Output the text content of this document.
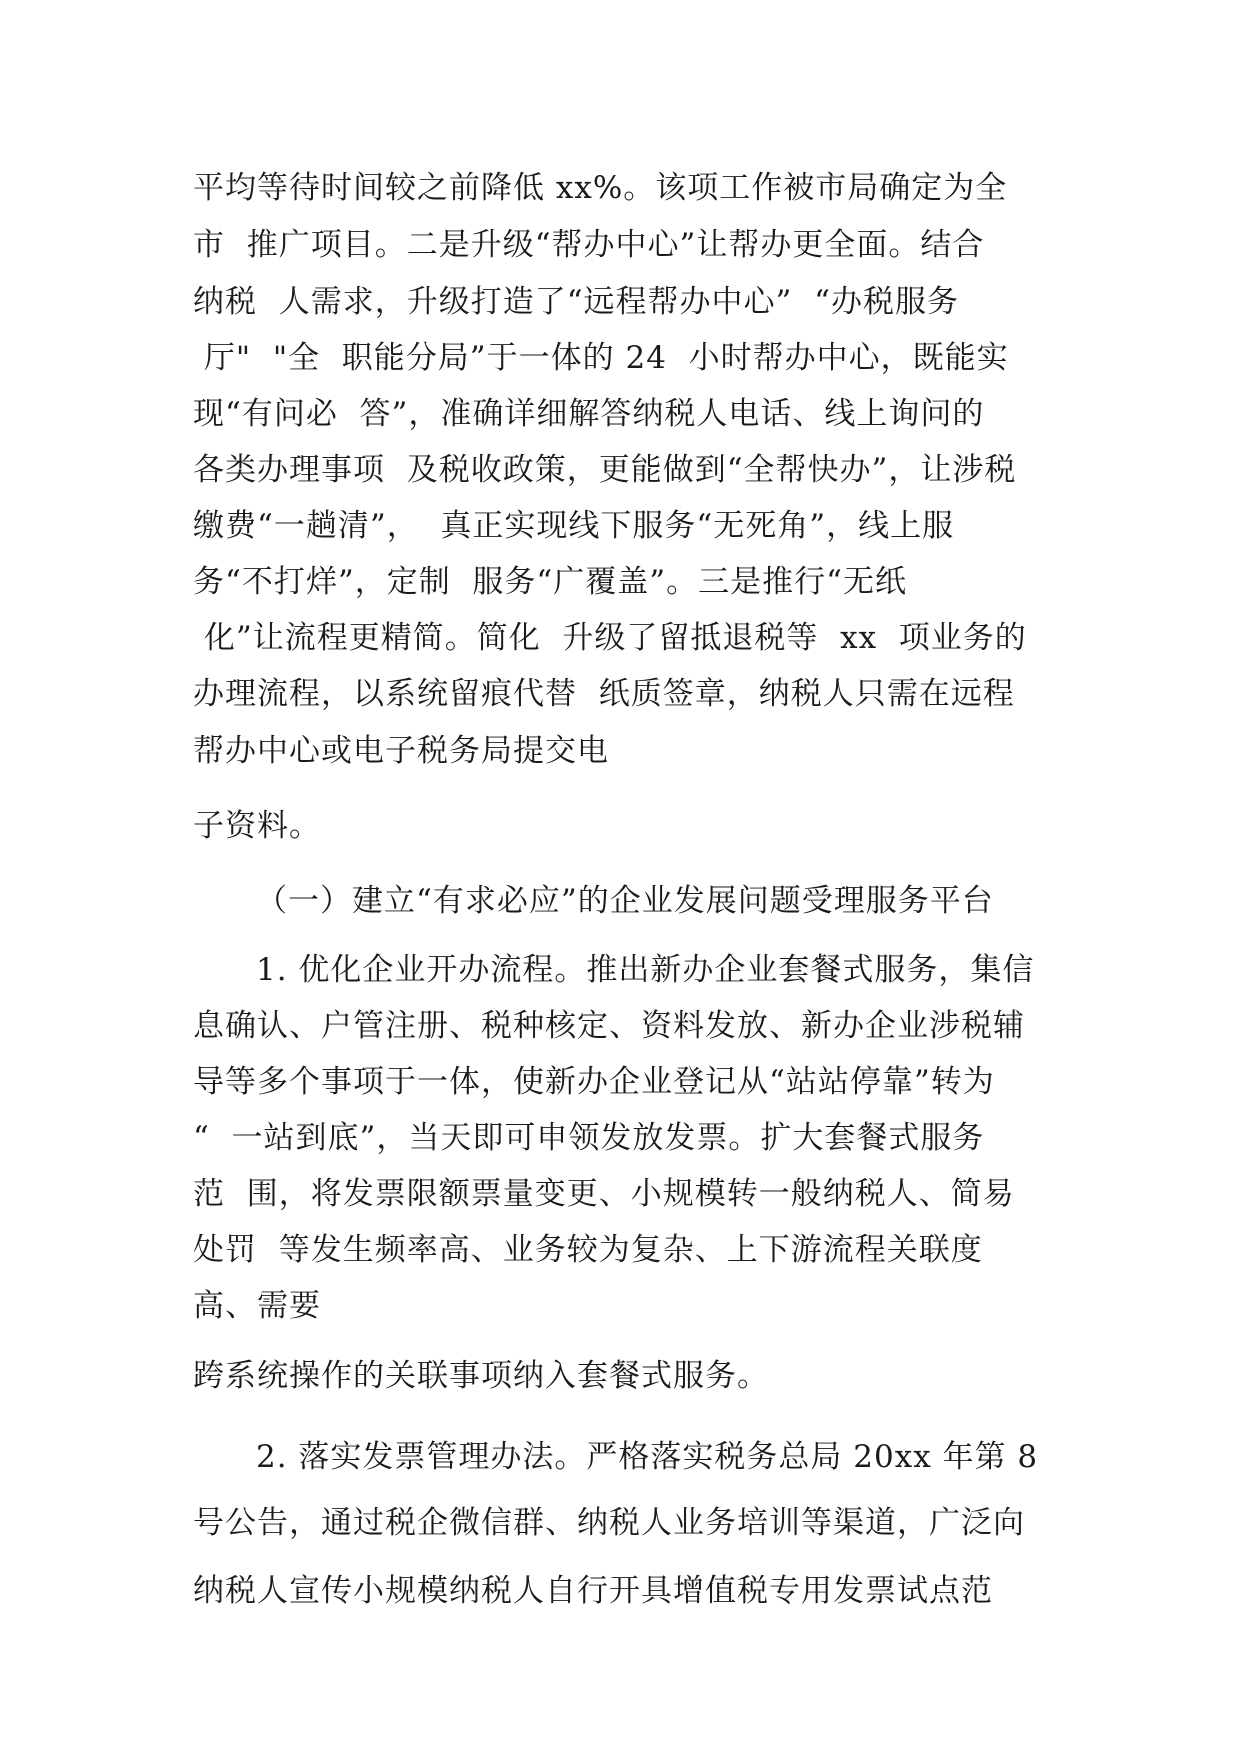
平均等待时间较之前降低 xx%。该项工作被市局确定为全
市  推广项目。二是升级“帮办中心”让帮办更全面。结合
纳税  人需求，升级打造了“远程帮办中心”  “办税服务
厅"  "全  职能分局”于一体的 24  小时帮办中心，既能实
现“有问必  答”，准确详细解答纳税人电话、线上询问的
各类办理事项  及税收政策，更能做到“全帮快办”，让涉税
缴费“一趟清”，  真正实现线下服务“无死角”，线上服
务“不打烊”，定制  服务“广覆盖”。三是推行“无纸
化”让流程更精简。简化  升级了留抵退税等  xx  项业务的
办理流程，以系统留痕代替  纸质签章，纳税人只需在远程
帮办中心或电子税务局提交电
子资料。
（一）建立“有求必应”的企业发展问题受理服务平台
1. 优化企业开办流程。推出新办企业套餐式服务，集信
息确认、户管注册、税种核定、资料发放、新办企业涉税辅
导等多个事项于一体，使新办企业登记从“站站停靠”转为
“  一站到底”，当天即可申领发放发票。扩大套餐式服务
范  围，将发票限额票量变更、小规模转一般纳税人、简易
处罚  等发生频率高、业务较为复杂、上下游流程关联度
高、需要
跨系统操作的关联事项纳入套餐式服务。
2. 落实发票管理办法。严格落实税务总局 20xx 年第 8
号公告，通过税企微信群、纳税人业务培训等渠道，广泛向
纳税人宣传小规模纳税人自行开具增值税专用发票试点范
